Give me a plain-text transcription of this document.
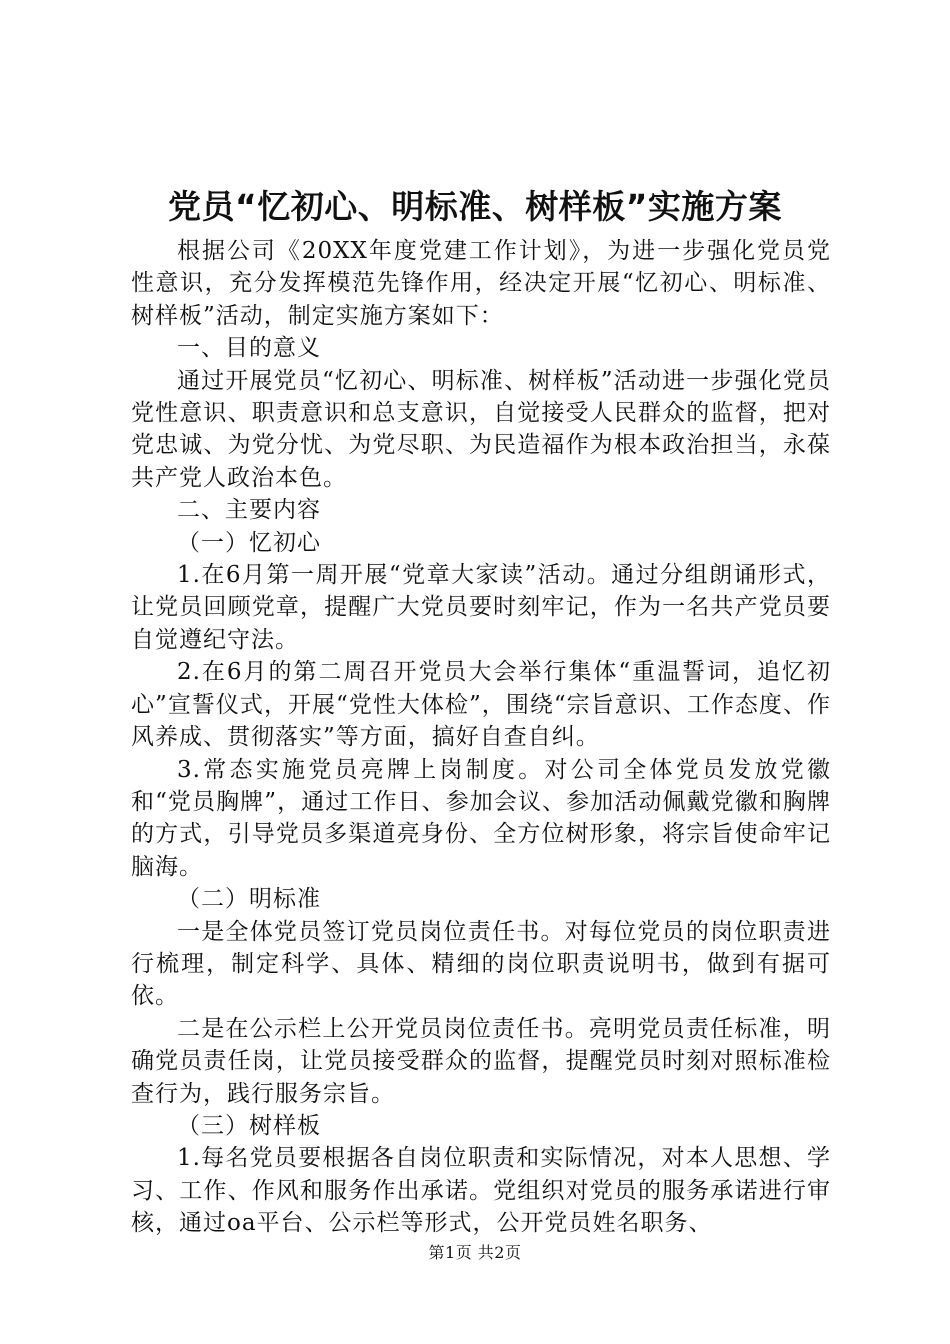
党员“忆初心、明标准、树样板”实施方案

根据公司《20XX年度党建工作计划》，为进一步强化党员党性意识，充分发挥模范先锋作用，经决定开展“忆初心、明标准、树样板”活动，制定实施方案如下：

一、目的意义

通过开展党员“忆初心、明标准、树样板”活动进一步强化党员党性意识、职责意识和总支意识，自觉接受人民群众的监督，把对党忠诚、为党分忧、为党尽职、为民造福作为根本政治担当，永葆共产党人政治本色。

二、主要内容

（一）忆初心

1.在6月第一周开展“党章大家读”活动。通过分组朗诵形式，让党员回顾党章，提醒广大党员要时刻牢记，作为一名共产党员要自觉遵纪守法。

2.在6月的第二周召开党员大会举行集体“重温誓词，追忆初心”宣誓仪式，开展“党性大体检”，围绕“宗旨意识、工作态度、作风养成、贯彻落实”等方面，搞好自查自纠。

3.常态实施党员亮牌上岗制度。对公司全体党员发放党徽和“党员胸牌”，通过工作日、参加会议、参加活动佩戴党徽和胸牌的方式，引导党员多渠道亮身份、全方位树形象，将宗旨使命牢记脑海。

（二）明标准

一是全体党员签订党员岗位责任书。对每位党员的岗位职责进行梳理，制定科学、具体、精细的岗位职责说明书，做到有据可依。

二是在公示栏上公开党员岗位责任书。亮明党员责任标准，明确党员责任岗，让党员接受群众的监督，提醒党员时刻对照标准检查行为，践行服务宗旨。

（三）树样板

1.每名党员要根据各自岗位职责和实际情况，对本人思想、学习、工作、作风和服务作出承诺。党组织对党员的服务承诺进行审核，通过oa平台、公示栏等形式，公开党员姓名职务、

第1页 共2页
